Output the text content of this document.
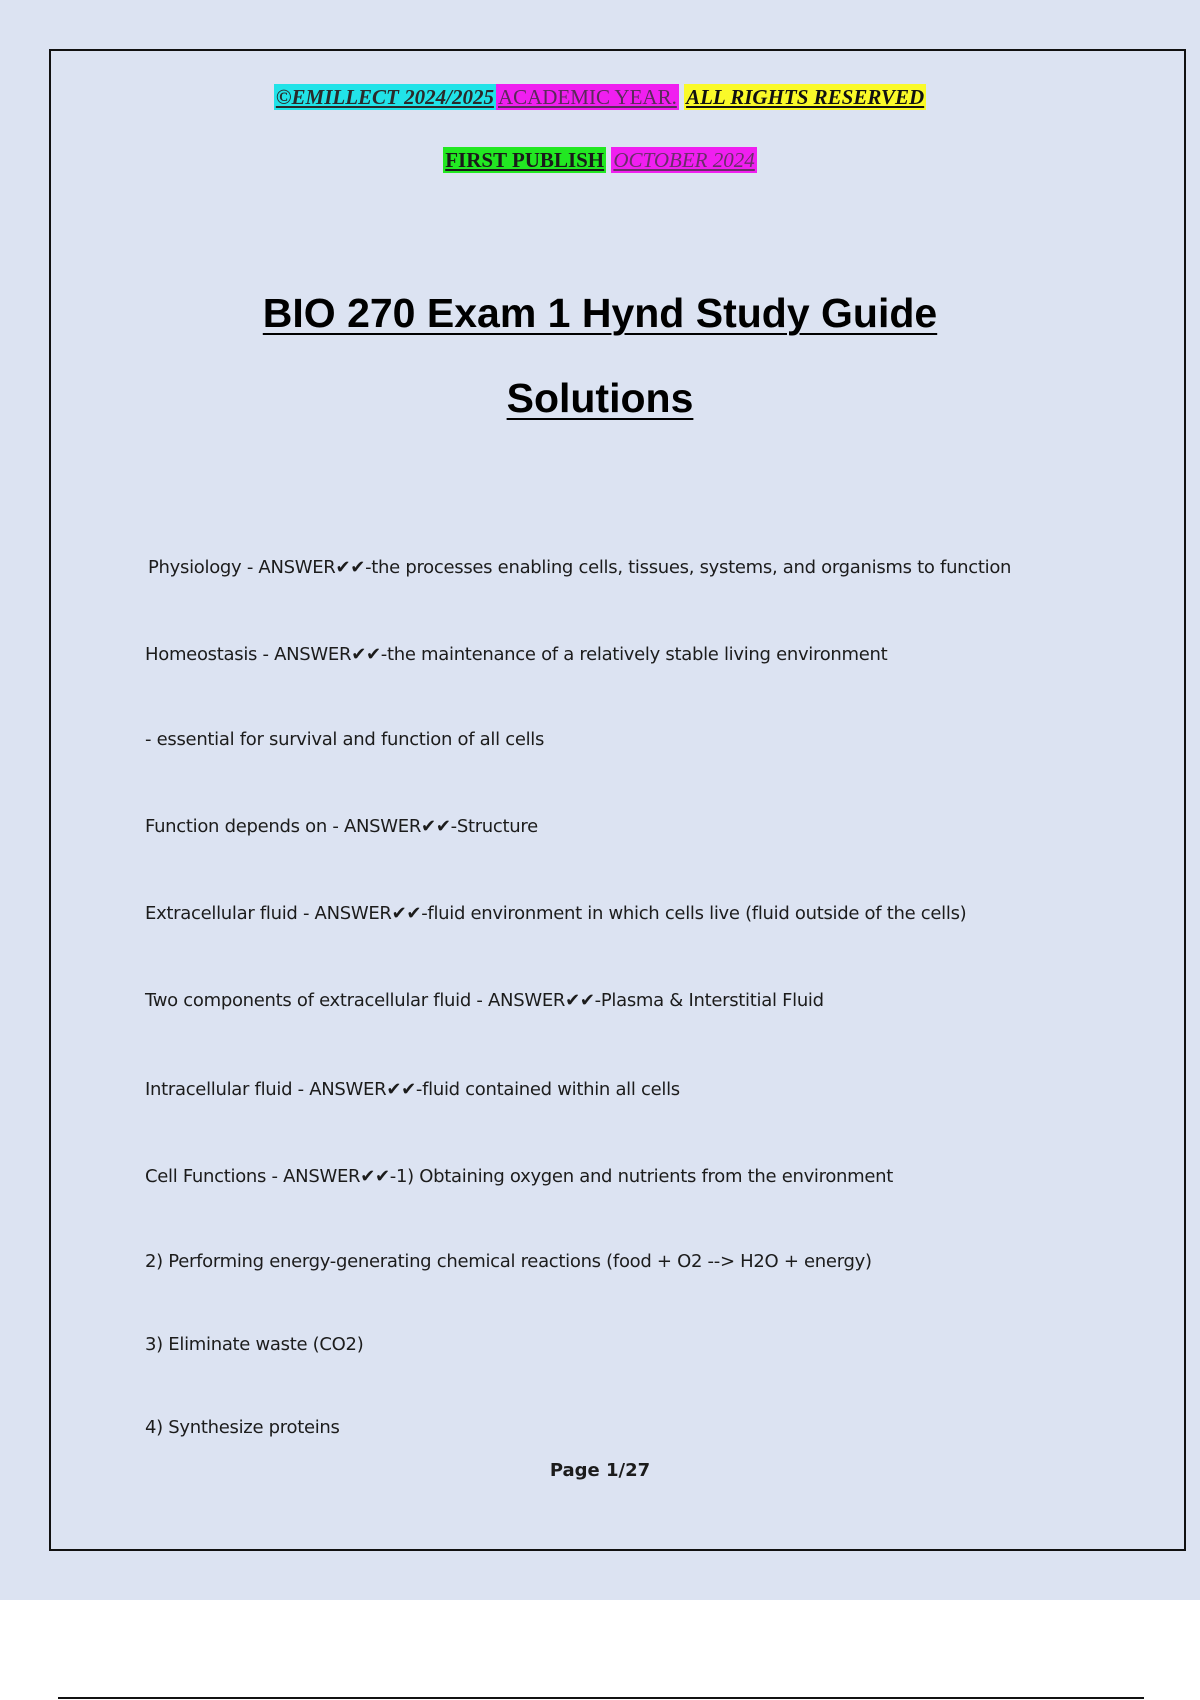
©EMILLECT 2024/2025 ACADEMIC YEAR. ALL RIGHTS RESERVED
FIRST PUBLISH OCTOBER 2024
BIO 270 Exam 1 Hynd Study Guide
Solutions
Physiology - ANSWER✔✔-the processes enabling cells, tissues, systems, and organisms to function
Homeostasis - ANSWER✔✔-the maintenance of a relatively stable living environment
- essential for survival and function of all cells
Function depends on - ANSWER✔✔-Structure
Extracellular fluid - ANSWER✔✔-fluid environment in which cells live (fluid outside of the cells)
Two components of extracellular fluid - ANSWER✔✔-Plasma & Interstitial Fluid
Intracellular fluid - ANSWER✔✔-fluid contained within all cells
Cell Functions - ANSWER✔✔-1) Obtaining oxygen and nutrients from the environment
2) Performing energy-generating chemical reactions (food + O2 --> H2O + energy)
3) Eliminate waste (CO2)
4) Synthesize proteins
Page 1/27
